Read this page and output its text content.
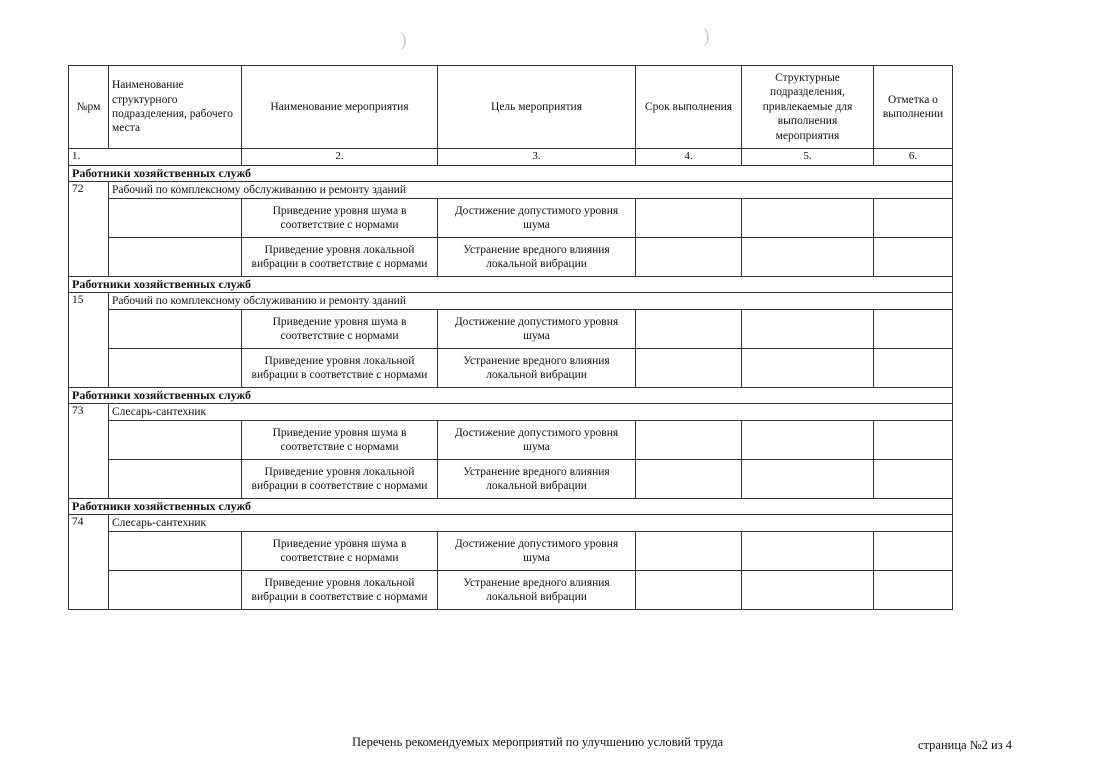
)	)
№рм	Наименование структурного подразделения, рабочего места	Наименование мероприятия	Цель мероприятия	Срок выполнения	Структурные подразделения, привлекаемые для выполнения мероприятия	Отметка о выполнении
1.		2.	3.	4.	5.	6.
Работники хозяйственных служб						
72	Рабочий по комплексному обслуживанию и ремонту зданий					
		Приведение уровня шума в соответствие с нормами	Достижение допустимого уровня шума			
		Приведение уровня локальной вибрации в соответствие с нормами	Устранение вредного влияния локальной вибрации			
Работники хозяйственных служб						
15	Рабочий по комплексному обслуживанию и ремонту зданий					
		Приведение уровня шума в соответствие с нормами	Достижение допустимого уровня шума			
		Приведение уровня локальной вибрации в соответствие с нормами	Устранение вредного влияния локальной вибрации			
Работники хозяйственных служб						
73	Слесарь-сантехник					
		Приведение уровня шума в соответствие с нормами	Достижение допустимого уровня шума			
		Приведение уровня локальной вибрации в соответствие с нормами	Устранение вредного влияния локальной вибрации			
Работники хозяйственных служб						
74	Слесарь-сантехник					
		Приведение уровня шума в соответствие с нормами	Достижение допустимого уровня шума			
		Приведение уровня локальной вибрации в соответствие с нормами	Устранение вредного влияния локальной вибрации			
Перечень рекомендуемых мероприятий по улучшению условий труда	страница №2 из 4
